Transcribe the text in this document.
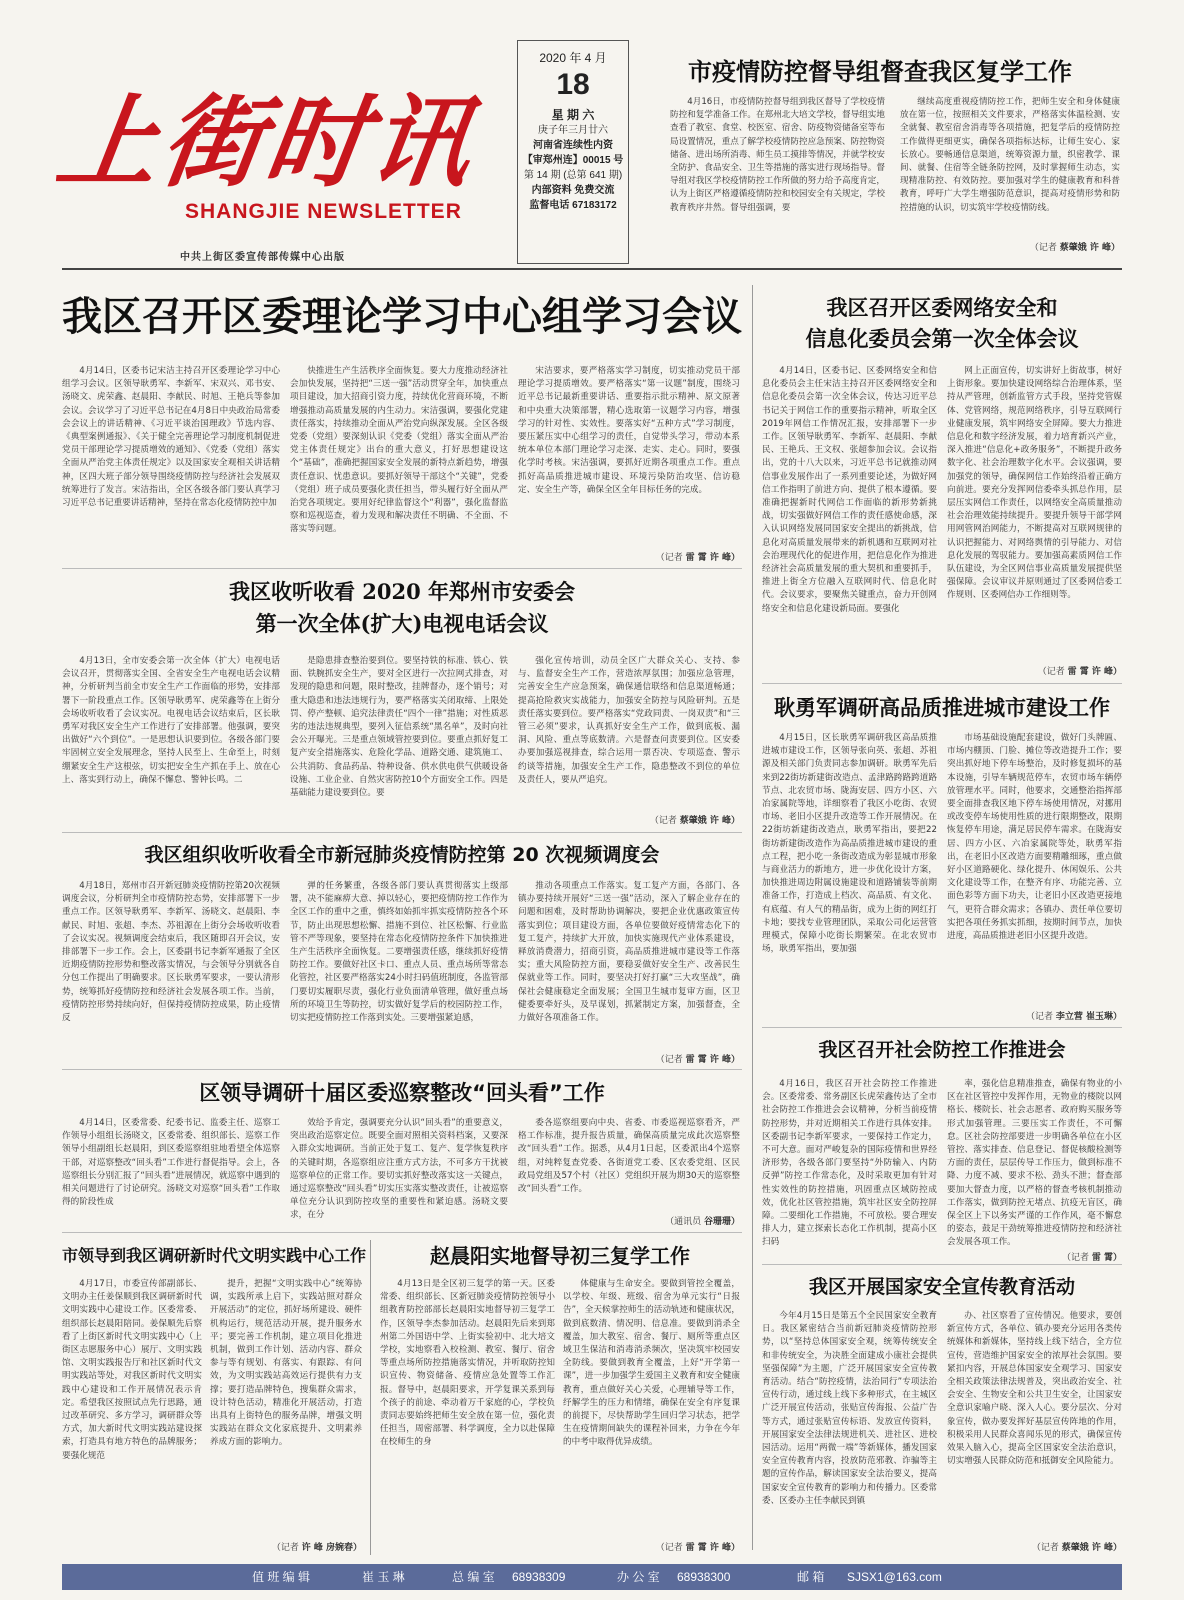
上街时讯
SHANGJIE NEWSLETTER
中共上街区委宣传部传媒中心出版
2020 年 4 月
18
星 期 六
庚子年三月廿六
河南省连续性内资
【审郑州连】00015 号
第 14 期 (总第 641 期)
内部资料 免费交流
监督电话 67183172
市疫情防控督导组督查我区复学工作
4月16日，市疫情防控督导组到我区督导了学校疫情防控和复学准备工作。在郑州北大培文学校，督导组实地查看了教室、食堂、校医室、宿舍、防疫物资储备室等布局设置情况，重点了解学校疫情防控应急预案、防控物资储备、进出场所消毒、师生员工摸排等情况，并就学校安全防护、食品安全、卫生等措施的落实进行现场指导。督导组对我区学校疫情防控工作所做的努力给予高度肯定，认为上街区严格遵循疫情防控和校园安全有关规定，学校教育秩序井然。督导组强调，要
继续高度重视疫情防控工作，把师生安全和身体健康放在第一位，按照相关文件要求，严格落实体温检测、安全就餐、教室宿舍消毒等各项措施，把复学后的疫情防控工作做得更细更实，确保各项指标达标，让师生安心、家长放心。要畅通信息渠道，统筹资源力量，织密教学、课间、就餐、住宿等全链条防控网，及时掌握师生动态，实现精准防控、有效防控。要加强对学生的健康教育和科普教育，呼吁广大学生增强防范意识，提高对疫情形势和防控措施的认识，切实筑牢学校疫情防线。
（记者 蔡肇娥 许 峰）
我区召开区委理论学习中心组学习会议
4月14日，区委书记宋洁主持召开区委理论学习中心组学习会议。区领导耿勇军、李新军、宋双兴、邓书安、汤晓文、虎荣鑫、赵晨阳、李献民、时旭、王艳兵等参加会议。会议学习了习近平总书记在4月8日中央政治局常委会会议上的讲话精神、《习近平谈治国理政》节选内容、《典型案例通报》、《关于健全完善理论学习制度机制促进党员干部理论学习提质增效的通知》、《党委（党组）落实全面从严治党主体责任规定》以及国家安全观相关讲话精神，区四大班子部分领导围绕疫情防控与经济社会发展双统筹进行了发言。宋洁指出，全区各级各部门要认真学习习近平总书记重要讲话精神，坚持在常态化疫情防控中加
快推进生产生活秩序全面恢复。要大力度推动经济社会加快发展，坚持把“三送一强”活动贯穿全年，加快重点项目建设，加大招商引资力度，持续优化营商环境，不断增强推动高质量发展的内生动力。宋洁强调，要强化党建责任落实，持续推动全面从严治党向纵深发展。全区各级党委（党组）要深刻认识《党委（党组）落实全面从严治党主体责任规定》出台的重大意义，打好思想建设这个“基础”，准确把握国家安全发展的新特点新趋势，增强责任意识、忧患意识。要抓好领导干部这个“关键”，党委（党组）班子成员要强化责任担当，带头履行好全面从严治党各项规定。要用好纪律监督这个“利器”，强化监督监察和巡视巡查，着力发现和解决责任不明确、不全面、不落实等问题。
宋洁要求，要严格落实学习制度，切实推动党员干部理论学习提质增效。要严格落实“第一议题”制度，围绕习近平总书记最新重要讲话、重要指示批示精神、原文原著和中央重大决策部署，精心选取第一议题学习内容，增强学习的针对性、实效性。要落实好“五种方式”学习制度，要压紧压实中心组学习的责任，自觉带头学习，带动本系统本单位本部门理论学习走深、走实、走心。同时，要强化学时考核。宋洁强调，要抓好近期各项重点工作。重点抓好高品质推进城市建设、环境污染防治攻坚、信访稳定、安全生产等，确保全区全年目标任务的完成。
（记者 雷 霄 许 峰）
我区召开区委网络安全和
信息化委员会第一次全体会议
4月14日，区委书记、区委网络安全和信息化委员会主任宋洁主持召开区委网络安全和信息化委员会第一次全体会议，传达习近平总书记关于网信工作的重要指示精神，听取全区2019年网信工作情况汇报，安排部署下一步工作。区领导耿勇军、李新军、赵晨阳、李献民、王艳兵、王文权、张超参加会议。会议指出，党的十八大以来，习近平总书记就推动网信事业发展作出了一系列重要论述，为做好网信工作指明了前进方向、提供了根本遵循。要准确把握新时代网信工作面临的新形势新挑战，切实强做好网信工作的责任感使命感，深入认识网络发展同国家安全提出的新挑战，信息化对高质量发展带来的新机遇和互联网对社会治理现代化的促进作用，把信息化作为推进经济社会高质量发展的重大契机和重要抓手，推进上街全方位融入互联网时代、信息化时代。会议要求，要聚焦关键重点，奋力开创网络安全和信息化建设新局面。要强化
网上正面宣传，切实讲好上街故事，树好上街形象。要加快建设网络综合治理体系，坚持从严管理，创新监管方式手段，坚持党管媒体、党管网络，规范网络秩序，引导互联网行业健康发展，筑牢网络安全屏障。要大力推进信息化和数字经济发展，着力培育新兴产业，深入推进“信息化+政务服务”，不断提升政务数字化、社会治理数字化水平。会议强调，要加强党的领导，确保网信工作始终沿着正确方向前进。要充分发挥网信委牵头抓总作用，层层压实网信工作责任，以网络安全高质量推动社会治理效能持续提升。要提升领导干部学网用网管网治网能力，不断提高对互联网规律的认识把握能力、对网络舆情的引导能力、对信息化发展的驾驭能力。要加强高素质网信工作队伍建设，为全区网信事业高质量发展提供坚强保障。会议审议并原则通过了区委网信委工作规则、区委网信办工作细则等。
（记者 雷 霄 许 峰）
我区收听收看 2020 年郑州市安委会
第一次全体(扩大)电视电话会议
4月13日，全市安委会第一次全体（扩大）电视电话会议召开，贯彻落实全国、全省安全生产电视电话会议精神，分析研判当前全市安全生产工作面临的形势，安排部署下一阶段重点工作。区领导耿勇军、虎荣鑫等在上街分会场收听收看了会议实况。电视电话会议结束后，区长耿勇军对我区安全生产工作进行了安排部署。他强调，要突出做好“六个到位”。一是思想认识要到位。各级各部门要牢固树立安全发展理念，坚持人民至上、生命至上，时刻绷紧安全生产这根弦，切实把安全生产抓在手上、放在心上、落实到行动上，确保不懈怠、警钟长鸣。二
是隐患排查整治要到位。要坚持铁的标准、铁心、铁面、铁腕抓安全生产，要对全区进行一次拉网式排查，对发现的隐患和问题，限时整改，挂牌督办，逐个销号；对重大隐患和违法违规行为，要严格落实关闭取缔、上限处罚、停产整顿、追究法律责任“四个一律”措施；对性质恶劣的违法违规典型，要列入征信系统“黑名单”，及时向社会公开曝光。三是重点领域管控要到位。要重点抓好复工复产安全措施落实、危险化学品、道路交通、建筑施工、公共消防、食品药品、特种设备、供水供电供气供暖设备设施、工业企业、自然灾害防控10个方面安全工作。四是基础能力建设要到位。要
强化宣传培训，动员全区广大群众关心、支持、参与、监督安全生产工作，营造浓厚氛围；加强应急管理，完善安全生产应急预案，确保通信联络和信息渠道畅通；提高抢险救灾实战能力，加强安全防控与风险研判。五是责任落实要到位。要严格落实“党政同责、一岗双责”和“三管三必须”要求，认真抓好安全生产工作，做到底板、漏洞、风险、重点等底数清。六是督查问责要到位。区安委办要加强巡视排查，综合运用一票否决、专项巡查、警示约谈等措施，加强安全生产工作，隐患整改不到位的单位及责任人，要从严追究。
（记者 蔡肇娥 许 峰）
耿勇军调研高品质推进城市建设工作
4月15日，区长耿勇军调研我区高品质推进城市建设工作，区领导张向英、张超、苏祖源及相关部门负责同志参加调研。耿勇军先后来到22街坊新建街改造点、孟津路跨路跨道路节点、北农贸市场、陇海安居、四方小区、六冶家属院等地，详细察看了我区小吃街、农贸市场、老旧小区提升改造等工作开展情况。在22街坊新建街改造点，耿勇军指出，要把22街坊新建街改造作为高品质推进城市建设的重点工程，把小吃一条街改造成为彰显城市形象与商业活力的新地方，进一步优化设计方案，加快推进周边附属设施建设和道路铺装等前期准备工作，打造成上档次、高品质、有文化、有底蕴、有人气的精品街，成为上街的网红打卡地；要找专业管理团队，采取公司化运营管理模式，保障小吃街长期繁荣。在北农贸市场，耿勇军指出，要加强
市场基础设施配套建设，做好门头牌匾、市场内棚顶、门脸、摊位等改造提升工作；要突出抓好地下停车场整治，及时修复损坏的基本设施，引导车辆规范停车，农贸市场车辆停放管理水平。同时，他要求，交通整治指挥部要全面排查我区地下停车场使用情况，对挪用或改变停车场使用性质的进行限期整改，限期恢复停车用途，满足居民停车需求。在陇海安居、四方小区、六冶家属院等处，耿勇军指出，在老旧小区改造方面要精雕细琢，重点做好小区道路硬化、绿化提升、休闲娱乐、公共文化建设等工作，在整齐有序、功能完善、立面色彩等方面下功夫，让老旧小区改造更接地气，更符合群众需求；各镇办、责任单位要切实把各项任务抓实抓细，按期时间节点，加快进度，高品质推进老旧小区提升改造。
（记者 李立营 崔玉琳）
我区组织收听收看全市新冠肺炎疫情防控第 20 次视频调度会
4月18日，郑州市召开新冠肺炎疫情防控第20次视频调度会议，分析研判全市疫情防控态势，安排部署下一步重点工作。区领导耿勇军、李新军、汤晓文、赵晨阳、李献民、时旭、张超、李杰、苏祖源在上街分会场收听收看了会议实况。视频调度会结束后，我区随即召开会议，安排部署下一步工作。会上，区委副书记李新军通报了全区近期疫情防控形势和整改落实情况，与会领导分别就各自分包工作提出了明确要求。区长耿勇军要求，一要认清形势，统筹抓好疫情防控和经济社会发展各项工作。当前，疫情防控形势持续向好，但保持疫情防控成果，防止疫情反
弹的任务繁重，各级各部门要认真贯彻落实上级部署，决不能麻痹大意、掉以轻心，要把疫情防控工作作为全区工作的重中之重，慎终如始抓牢抓实疫情防控各个环节，防止出现思想松懈、措施不到位、社区松懈、行业监管不严等现象，要坚持在常态化疫情防控条件下加快推进生产生活秩序全面恢复。二要增强责任感，继续抓好疫情防控工作。要做好社区卡口、重点人员、重点场所等常态化管控，社区要严格落实24小时扫码值班制度，各监管部门要切实履职尽责，强化行业负面清单管理，做好重点场所的环境卫生等防控，切实做好复学后的校园防控工作，切实把疫情防控工作落到实处。三要增强紧迫感，
推动各项重点工作落实。复工复产方面，各部门、各镇办要持续开展好“三送一强”活动，深入了解企业存在的问题和困难，及时帮助协调解决，要把企业优惠政策宣传落实到位；项目建设方面，各单位要做好疫情常态化下的复工复产，持续扩大开放，加快实施现代产业体系建设，释放消费潜力，招商引资，高品质推进城市建设等工作落实；重大风险防控方面，要稳妥做好安全生产、改善民生保就业等工作。同时，要坚决打好打赢“三大攻坚战”，确保社会健康稳定全面发展；全国卫生城市复审方面，区卫健委要牵好头，及早谋划，抓紧制定方案，加强督查，全力做好各项准备工作。
（记者 雷 霄 许 峰）	我区召开社会防控工作推进会
4月16日，我区召开社会防控工作推进会。区委常委、常务副区长虎荣鑫传达了全市社会防控工作推进会会议精神，分析当前疫情防控形势，并对近期相关工作进行具体安排。区委副书记李新军要求，一要保持工作定力，不可大意。面对严峻复杂的国际疫情和世界经济形势，各级各部门要坚持“外防输入、内防反弹”防控工作常态化，及时采取更加有针对性实效性的防控措施，巩固重点区域防控成效，优化社区管控措施，筑牢社区安全防控屏障。二要细化工作措施，不可放松。要合理安排人力，建立探索长态化工作机制，提高小区扫码
率，强化信息精准推查，确保有物业的小区在社区管控中发挥作用，无物业的楼院以网格长、楼院长、社会志愿者、政府购买服务等形式加强管理。三要压实工作责任，不可懈怠。区社会防控部要进一步明确各单位在小区管控、落实排查、信息登记、督促核酸检测等方面的责任，层层传导工作压力，做到标准不降、力度不减、要求不松、劲头不泄；督查部要加大督查力度，以严格的督查考核机制推动工作落实，做到防控无堵点、抗疫无盲区，确保全区上下以务实严谨的工作作风，毫不懈怠的姿态，鼓足干劲统筹推进疫情防控和经济社会发展各项工作。
（记者 雷 霄）
区领导调研十届区委巡察整改“回头看”工作
4月14日，区委常委、纪委书记、监委主任、巡察工作领导小组组长汤晓文，区委常委、组织部长、巡察工作领导小组副组长赵晨阳，到区委巡察组驻地看望全体巡察干部，对巡察整改“回头看”工作进行督促指导。会上，各巡察组长分别汇报了“回头看”进展情况，就巡察中遇到的相关问题进行了讨论研究。汤晓文对巡察“回头看”工作取得的阶段性成
效给予肯定，强调要充分认识“回头看”的重要意义，突出政治巡察定位。既要全面对照相关资料档案，又要深入群众实地调研。当前正处于复工、复产、复学恢复秩序的关键时期，各巡察组应注重方式方法，不可多方干扰被巡察单位的正常工作。要切实抓好整改落实这一关键点，通过巡察整改“回头看”切实压实落实整改责任，让被巡察单位充分认识到防控攻坚的重要性和紧迫感。汤晓文要求，在分
委各巡察组要向中央、省委、市委巡视巡察看齐，严格工作标准，提升报告质量，确保高质量完成此次巡察整改“回头看”工作。据悉，从4月1日起，区委派出4个巡察组，对纯粹复查党委、各街道党工委、区农委党组、区民政局党组及57个村（社区）党组织开展为期30天的巡察整改“回头看”工作。
（通讯员 谷珊珊）
市领导到我区调研新时代文明实践中心工作
4月17日，市委宣传部副部长、文明办主任姜保顺到我区调研新时代文明实践中心建设工作。区委常委、组织部长赵晨阳陪同。姜保顺先后察看了上街区新时代文明实践中心（上街区志愿服务中心）展厅、文明实践馆、文明实践报告厅和社区新时代文明实践站等处，对我区新时代文明实践中心建设和工作开展情况表示肯定。希望我区按照试点先行思路，通过改革研究、多方学习，调研群众等方式，加大新时代文明实践站建设探索，打造具有地方特色的品牌服务；要强化规范
提升，把握“文明实践中心”统筹协调，实践所承上启下，实践站照对群众开展活动”的定位，抓好场所建设、硬件机构运行，规范活动开展，提升服务水平；要完善工作机制，建立项目化推进机制，做到工作计划、活动内容、群众参与等有规划、有落实、有跟踪、有问效，为文明实践站高效运行提供有力支撑；要打造品牌特色，搜集群众需求，设计特色活动，精准化开展活动，打造出具有上街特色的服务品牌，增强文明实践站在群众文化家底提升、文明素养养成方面的影响力。
（记者 许 峰 房婉春）
赵晨阳实地督导初三复学工作
4月13日是全区初三复学的第一天。区委常委、组织部长、区新冠肺炎疫情防控领导小组教育防控部部长赵晨阳实地督导初三复学工作，区领导李杰参加活动。赵晨阳先后来到郑州第二外国语中学、上街实验初中、北大培文学校，实地察看入校检测、教室、餐厅、宿舍等重点场所防控措施落实情况，并听取防控知识宣传、物资储备、疫情应急处置等工作汇报。督导中，赵晨阳要求，开学复课关系到每个孩子的前途、牵动着万千家庭的心，学校负责同志要始终把师生安全放在第一位，强化责任担当，周密部署、科学调度，全力以赴保障在校师生的身
体健康与生命安全。要做到管控全覆盖，以学校、年级、班级、宿舍为单元实行“日报告”，全天候掌控师生的活动轨迹和健康状况，做到底数清、情况明、信息准。要做到消杀全覆盖，加大教室、宿舍、餐厅、厕所等重点区域卫生保洁和消毒消杀频次，坚决筑牢校园安全防线。要做到教育全覆盖，上好“开学第一课”，进一步加强学生爱国主义教育和安全健康教育，重点做好关心关爱，心理辅导等工作，纾解学生的压力和情绪，确保在安全有序复课的前提下，尽快帮助学生回归学习状态，把学生在疫情期间缺失的课程补回来，力争在今年的中考中取得优异成绩。
（记者 雷 霄 许 峰）
我区开展国家安全宣传教育活动
今年4月15日是第五个全民国家安全教育日。我区紧密结合当前新冠肺炎疫情防控形势，以“坚持总体国家安全观，统筹传统安全和非传统安全，为决胜全面建成小康社会提供坚强保障”为主题，广泛开展国家安全宣传教育活动。结合“防控疫情，法治同行”专项法治宣传行动，通过线上线下多种形式，在主城区广泛开展宣传活动，张贴宣传海报、公益广告等方式，通过张贴宣传标语、发放宣传资料，开展国家安全法律法规进机关、进社区、进校园活动。运用“两微一端”等新媒体，播发国家安全宣传教育内容，投放防范邪教、诈骗等主题的宣传作品，解读国家安全法治要义，提高国家安全宣传教育的影响力和传播力。区委常委、区委办主任李献民到镇
办、社区察看了宣传情况。他要求，要创新宣传方式，各单位、镇办要充分运用各类传统媒体和新媒体，坚持线上线下结合，全方位宣传，营造维护国家安全的浓厚社会氛围。要紧扣内容，开展总体国家安全观学习、国家安全相关政策法律法规普及，突出政治安全、社会安全、生物安全和公共卫生安全，让国家安全意识家喻户晓、深入人心。要分层次、分对象宣传，做办要发挥好基层宣传阵地的作用，积极采用人民群众喜闻乐见的形式，确保宣传效果入脑入心，提高全区国家安全法治意识，切实增强人民群众防范和抵御安全风险能力。
（记者 蔡肇娥 许 峰）
值 班 编 辑	崔 玉 琳	总 编 室 68938309	办 公 室 68938300	邮 箱 SJSX1@163.com
